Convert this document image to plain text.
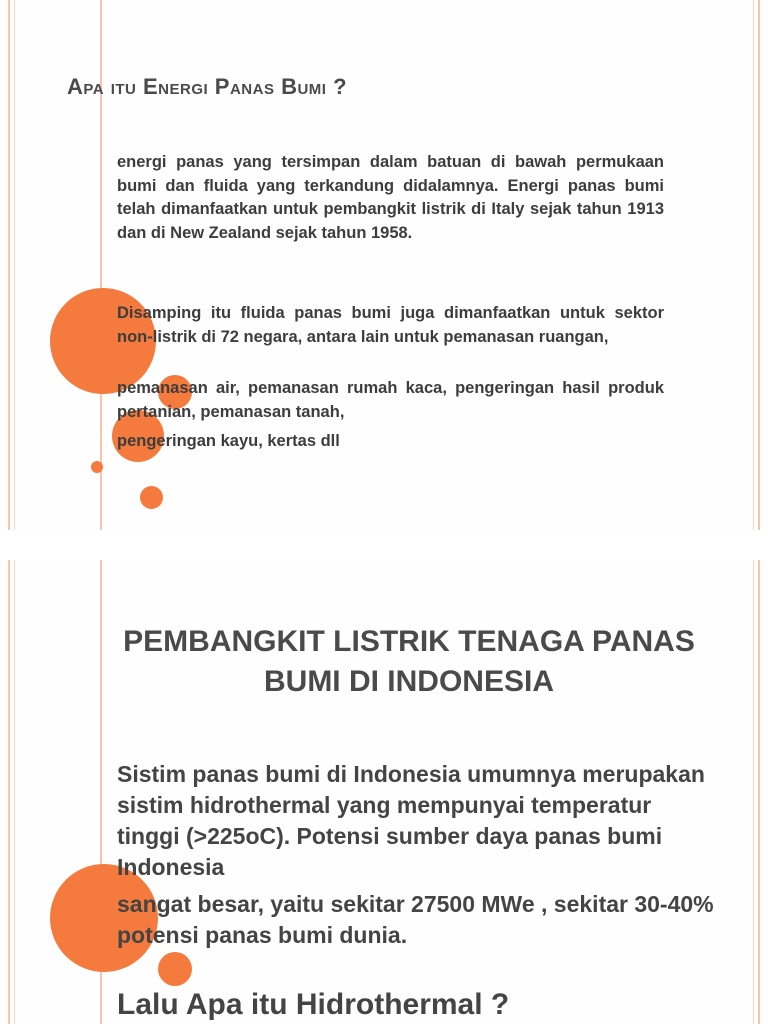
Apa itu Energi Panas Bumi ?

energi panas yang tersimpan dalam batuan di bawah permukaan bumi dan fluida yang terkandung didalamnya. Energi panas bumi telah dimanfaatkan untuk pembangkit listrik di Italy sejak tahun 1913 dan di New Zealand sejak tahun 1958.

Disamping itu fluida panas bumi juga dimanfaatkan untuk sektor non-listrik di 72 negara, antara lain untuk pemanasan ruangan,

pemanasan air, pemanasan rumah kaca, pengeringan hasil produk pertanian, pemanasan tanah,

pengeringan kayu, kertas dll

PEMBANGKIT LISTRIK TENAGA PANAS BUMI DI INDONESIA

Sistim panas bumi di Indonesia umumnya merupakan sistim hidrothermal yang mempunyai temperatur tinggi (>225oC). Potensi sumber daya panas bumi Indonesia

sangat besar, yaitu sekitar 27500 MWe , sekitar 30-40% potensi panas bumi dunia.

Lalu Apa itu Hidrothermal ?
